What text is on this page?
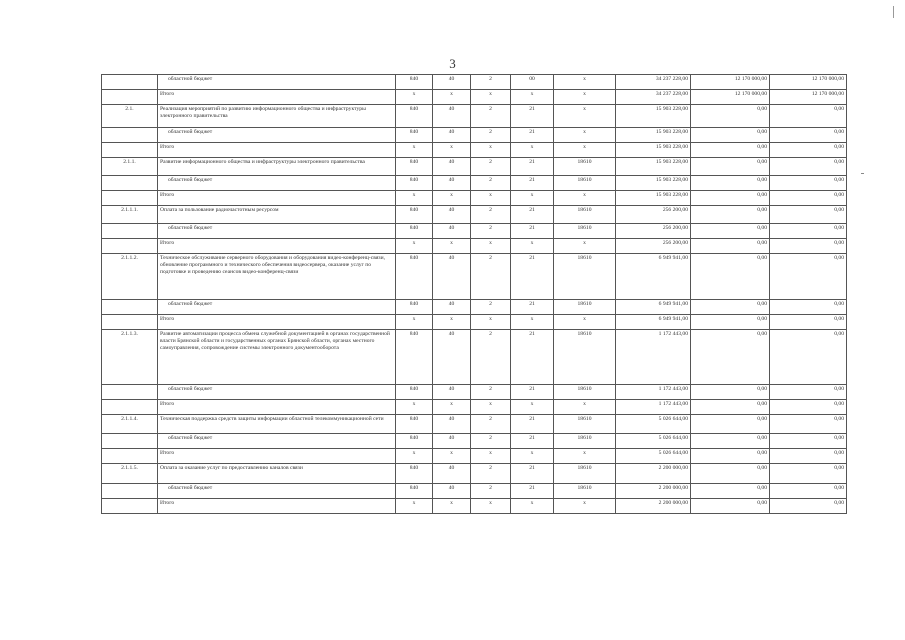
3
	областной бюджет	840	40	2	00	х	34 237 228,00	12 170 000,00	12 170 000,00
	Итого	х	х	х	х	х	34 237 228,00	12 170 000,00	12 170 000,00
2.1.	Реализация мероприятий по развитию информационного общества и инфраструктуры электронного правительства	840	40	2	21	х	15 903 228,00	0,00	0,00
	областной бюджет	840	40	2	21	х	15 903 228,00	0,00	0,00
	Итого	х	х	х	х	х	15 903 228,00	0,00	0,00
2.1.1.	Развитие информационного общества и инфраструктуры электронного правительства	840	40	2	21	18610	15 903 228,00	0,00	0,00
	областной бюджет	840	40	2	21	18610	15 903 228,00	0,00	0,00
	Итого	х	х	х	х	х	15 903 228,00	0,00	0,00
2.1.1.1.	Оплата за пользование радиочастотным ресурсом	840	40	2	21	18610	256 200,00	0,00	0,00
	областной бюджет	840	40	2	21	18610	256 200,00	0,00	0,00
	Итого	х	х	х	х	х	256 200,00	0,00	0,00
2.1.1.2.	Техническое обслуживание серверного оборудования и оборудования видео-конференц-связи, обновление программного и технического обеспечения видеосервера, оказание услуг по подготовке и проведению сеансов видео-конференц-связи	840	40	2	21	18610	6 949 941,00	0,00	0,00
	областной бюджет	840	40	2	21	18610	6 949 941,00	0,00	0,00
	Итого	х	х	х	х	х	6 949 941,00	0,00	0,00
2.1.1.3.	Развитие автоматизации процесса обмена служебной документацией в органах государственной власти Брянской области и государственных органах Брянской области, органах местного самоуправления, сопровождение системы электронного документооборота	840	40	2	21	18610	1 172 443,00	0,00	0,00
	областной бюджет	840	40	2	21	18610	1 172 443,00	0,00	0,00
	Итого	х	х	х	х	х	1 172 443,00	0,00	0,00
2.1.1.4.	Техническая поддержка средств защиты информации областной телекоммуникационной сети	840	40	2	21	18610	5 026 644,00	0,00	0,00
	областной бюджет	840	40	2	21	18610	5 026 644,00	0,00	0,00
	Итого	х	х	х	х	х	5 026 644,00	0,00	0,00
2.1.1.5.	Оплата за оказание услуг по предоставлению каналов связи	840	40	2	21	18610	2 200 000,00	0,00	0,00
	областной бюджет	840	40	2	21	18610	2 200 000,00	0,00	0,00
	Итого	х	х	х	х	х	2 200 000,00	0,00	0,00
